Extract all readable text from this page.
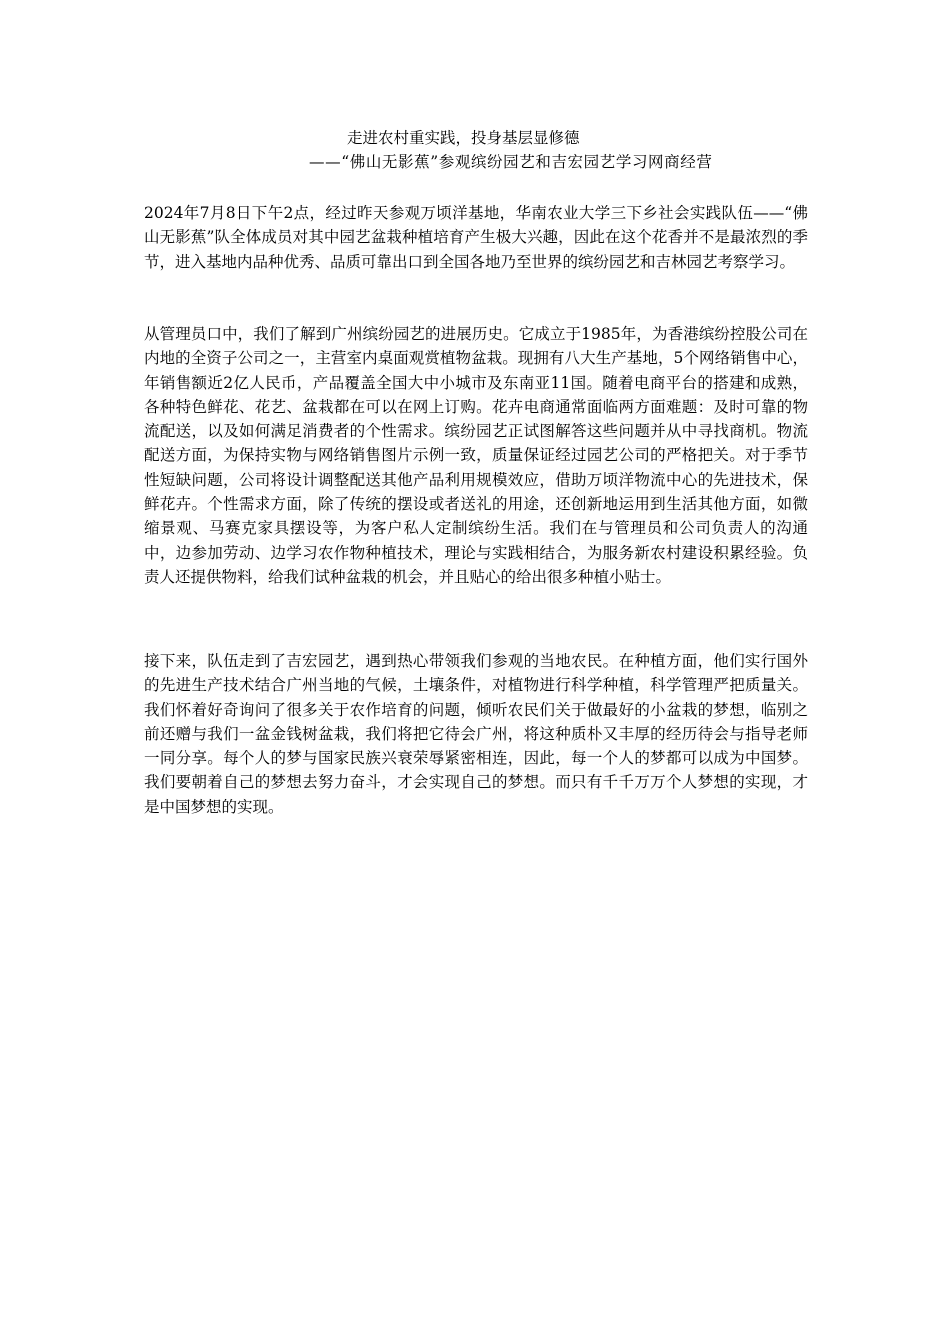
走进农村重实践，投身基层显修德
——“佛山无影蕉”参观缤纷园艺和吉宏园艺学习网商经营

2024年7月8日下午2点，经过昨天参观万顷洋基地，华南农业大学三下乡社会实践队伍——“佛山无影蕉”队全体成员对其中园艺盆栽种植培育产生极大兴趣，因此在这个花香并不是最浓烈的季节，进入基地内品种优秀、品质可靠出口到全国各地乃至世界的缤纷园艺和吉林园艺考察学习。

从管理员口中，我们了解到广州缤纷园艺的进展历史。它成立于1985年，为香港缤纷控股公司在内地的全资子公司之一，主营室内桌面观赏植物盆栽。现拥有八大生产基地，5个网络销售中心，年销售额近2亿人民币，产品覆盖全国大中小城市及东南亚11国。随着电商平台的搭建和成熟，各种特色鲜花、花艺、盆栽都在可以在网上订购。花卉电商通常面临两方面难题：及时可靠的物流配送，以及如何满足消费者的个性需求。缤纷园艺正试图解答这些问题并从中寻找商机。物流配送方面，为保持实物与网络销售图片示例一致，质量保证经过园艺公司的严格把关。对于季节性短缺问题，公司将设计调整配送其他产品利用规模效应，借助万顷洋物流中心的先进技术，保鲜花卉。个性需求方面，除了传统的摆设或者送礼的用途，还创新地运用到生活其他方面，如微缩景观、马赛克家具摆设等，为客户私人定制缤纷生活。我们在与管理员和公司负责人的沟通中，边参加劳动、边学习农作物种植技术，理论与实践相结合，为服务新农村建设积累经验。负责人还提供物料，给我们试种盆栽的机会，并且贴心的给出很多种植小贴士。

接下来，队伍走到了吉宏园艺，遇到热心带领我们参观的当地农民。在种植方面，他们实行国外的先进生产技术结合广州当地的气候，土壤条件，对植物进行科学种植，科学管理严把质量关。我们怀着好奇询问了很多关于农作培育的问题，倾听农民们关于做最好的小盆栽的梦想，临别之前还赠与我们一盆金钱树盆栽，我们将把它待会广州，将这种质朴又丰厚的经历待会与指导老师一同分享。每个人的梦与国家民族兴衰荣辱紧密相连，因此，每一个人的梦都可以成为中国梦。我们要朝着自己的梦想去努力奋斗，才会实现自己的梦想。而只有千千万万个人梦想的实现，才是中国梦想的实现。
